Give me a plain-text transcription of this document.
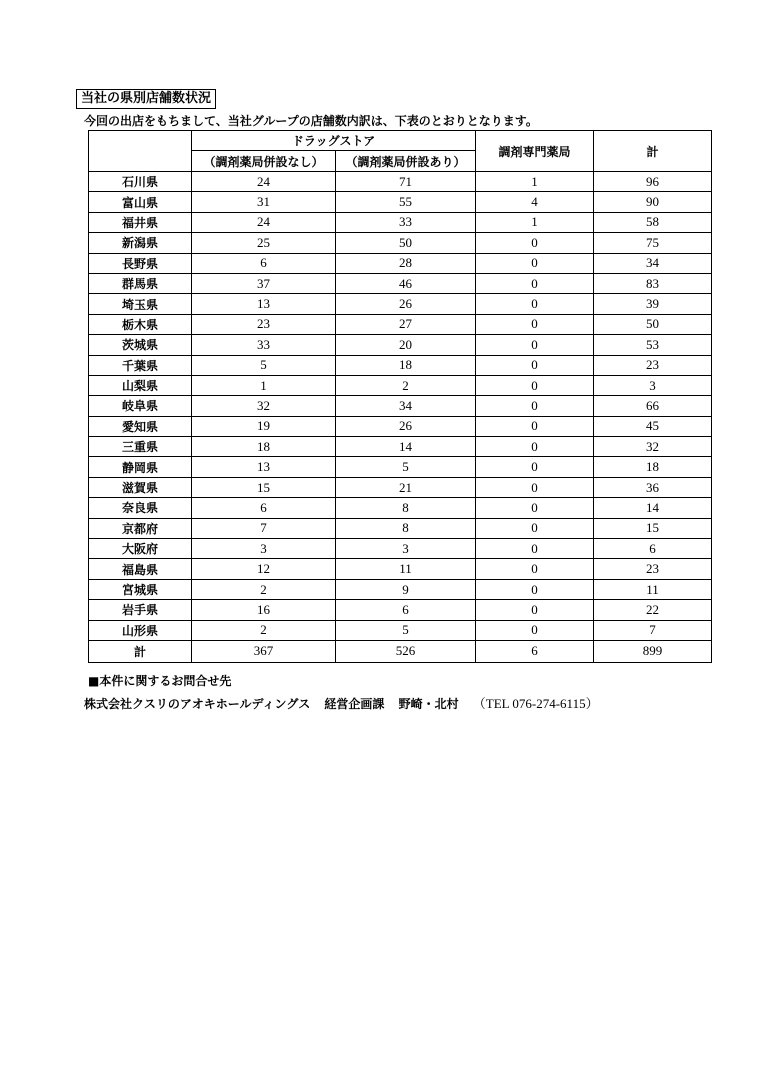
当社の県別店舗数状況
今回の出店をもちまして、当社グループの店舗数内訳は、下表のとおりとなります。
	ドラッグストア		調剤専門薬局	計
	（調剤薬局併設なし）	（調剤薬局併設あり）		
石川県	24	71	1	96
富山県	31	55	4	90
福井県	24	33	1	58
新潟県	25	50	0	75
長野県	6	28	0	34
群馬県	37	46	0	83
埼玉県	13	26	0	39
栃木県	23	27	0	50
茨城県	33	20	0	53
千葉県	5	18	0	23
山梨県	1	2	0	3
岐阜県	32	34	0	66
愛知県	19	26	0	45
三重県	18	14	0	32
静岡県	13	5	0	18
滋賀県	15	21	0	36
奈良県	6	8	0	14
京都府	7	8	0	15
大阪府	3	3	0	6
福島県	12	11	0	23
宮城県	2	9	0	11
岩手県	16	6	0	22
山形県	2	5	0	7
計	367	526	6	899
■本件に関するお問合せ先
株式会社クスリのアオキホールディングス 経営企画課 野崎・北村 （TEL 076-274-6115）
